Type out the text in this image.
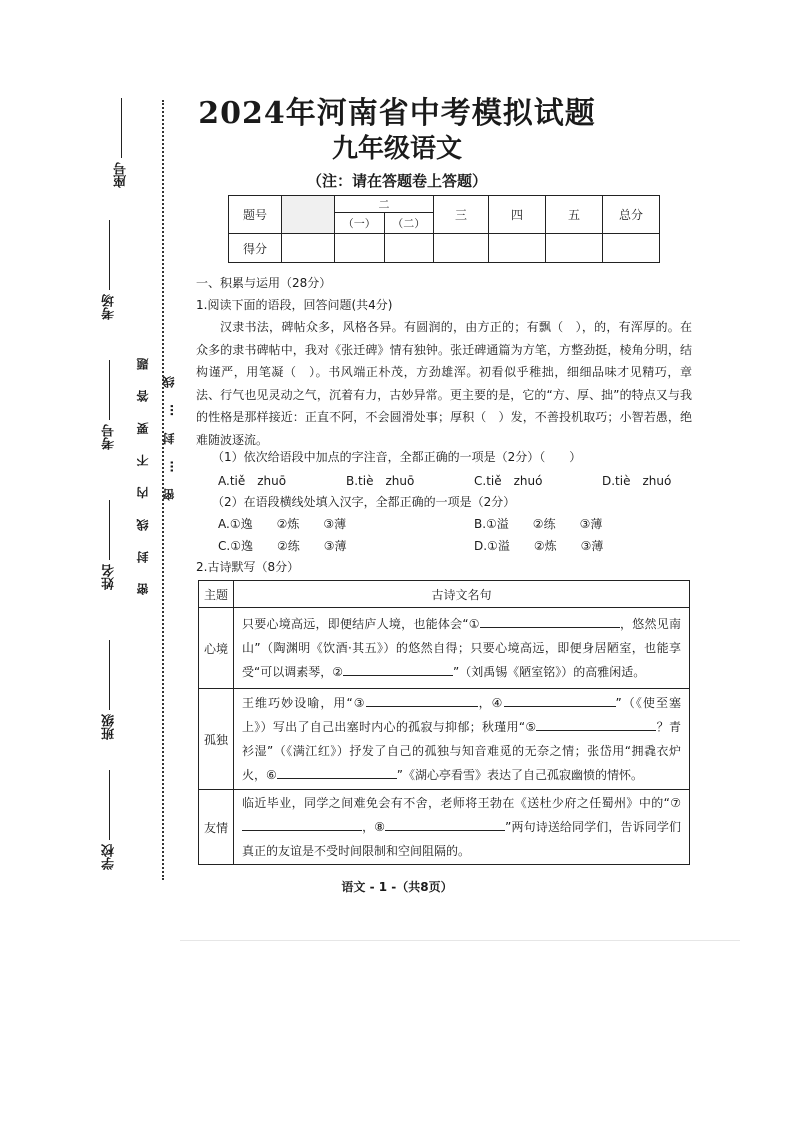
座号
考场
考号
姓名
班级
学校
密 封 线 内 不 要 答 题 密 … 封 … 线
2024年河南省中考模拟试题
九年级语文
（注：请在答题卷上答题）
题号		二		三	四	五	总分
		（一）	（二）				
得分							
一、积累与运用（28分）
1.阅读下面的语段，回答问题(共4分)
汉隶书法，碑帖众多，风格各异。有圆润的，由方正的；有飘（　），的，有浑厚的。在众多的隶书碑帖中，我对《张迁碑》情有独钟。张迁碑通篇为方笔，方整劲挺，棱角分明，结构谨严，用笔凝（　）。书风端正朴茂，方劲雄浑。初看似乎稚拙，细细品味才见精巧，章法、行气也见灵动之气，沉着有力，古妙异常。更主要的是，它的“方、厚、拙”的特点又与我的性格是那样接近：正直不阿，不会圆滑处事；厚积（　）发，不善投机取巧；小智若愚，绝难随波逐流。
（1）依次给语段中加点的字注音，全都正确的一项是（2分）（　　）
A.tiě　zhuō	B.tiè　zhuō	C.tiě　zhuó	D.tiè　zhuó
（2）在语段横线处填入汉字，全都正确的一项是（2分）
A.①逸　　②炼　　③薄	B.①溢　　②练　　③薄
C.①逸　　②练　　③薄	D.①溢　　②炼　　③薄
2.古诗默写（8分）
主题	古诗文名句
心境	只要心境高远，即便结庐人境，也能体会“① ，悠然见南山”（陶渊明《饮酒·其五》）的悠然自得；只要心境高远，即便身居陋室，也能享受“可以调素琴，② ”（刘禹锡《陋室铭》）的高雅闲适。
孤独	王维巧妙设喻，用“③ ，④ ”（《使至塞上》）写出了自己出塞时内心的孤寂与抑郁；秋瑾用“⑤ ？青衫湿”（《满江红》）抒发了自己的孤独与知音难觅的无奈之情；张岱用“拥毳衣炉火，⑥ ”《湖心亭看雪》表达了自己孤寂幽愤的情怀。
友情	临近毕业，同学之间难免会有不舍，老师将王勃在《送杜少府之任蜀州》中的“⑦，⑧ ”两句诗送给同学们，告诉同学们真正的友谊是不受时间限制和空间阻隔的。
语文 - 1 -（共8页）
